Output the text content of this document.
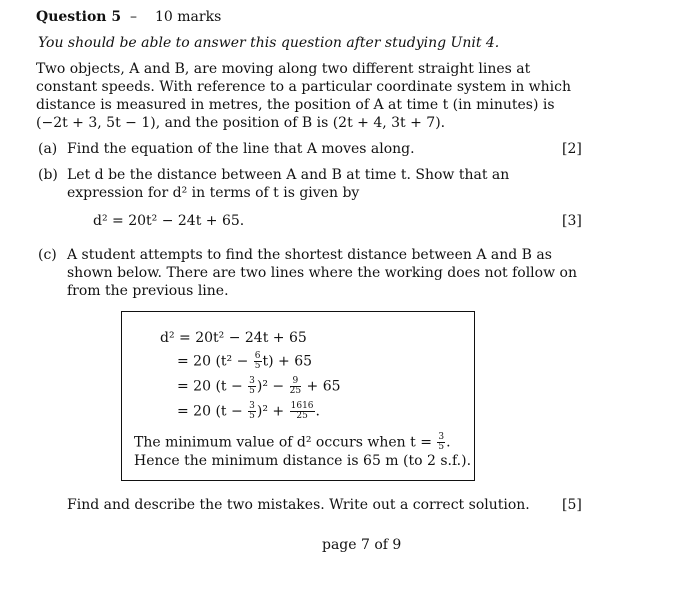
Question 5 – 10 marks
You should be able to answer this question after studying Unit 4.
Two objects, A and B, are moving along two different straight lines at
constant speeds. With reference to a particular coordinate system in which
distance is measured in metres, the position of A at time t (in minutes) is
(−2t + 3, 5t − 1), and the position of B is (2t + 4, 3t + 7).
(a) Find the equation of the line that A moves along.	[2]
(b) Let d be the distance between A and B at time t. Show that an
expression for d² in terms of t is given by
d² = 20t² − 24t + 65.	[3]
(c) A student attempts to find the shortest distance between A and B as
shown below. There are two lines where the working does not follow on
from the previous line.
d² = 20t² − 24t + 65
= 20 $(t^2 - \frac{6}{5} t) + 65$
= 20 $(t - \frac{3}{5} )^2 - \frac{9}{25} + 65$
= 20 $(t - \frac{3}{5} )^2 + \frac{1616}{25}$ .
The minimum value of d² occurs when $t = \frac{3}{5}$ .
Hence the minimum distance is 65 m (to 2 s.f.).
Find and describe the two mistakes. Write out a correct solution. [5]
page 7 of 9
